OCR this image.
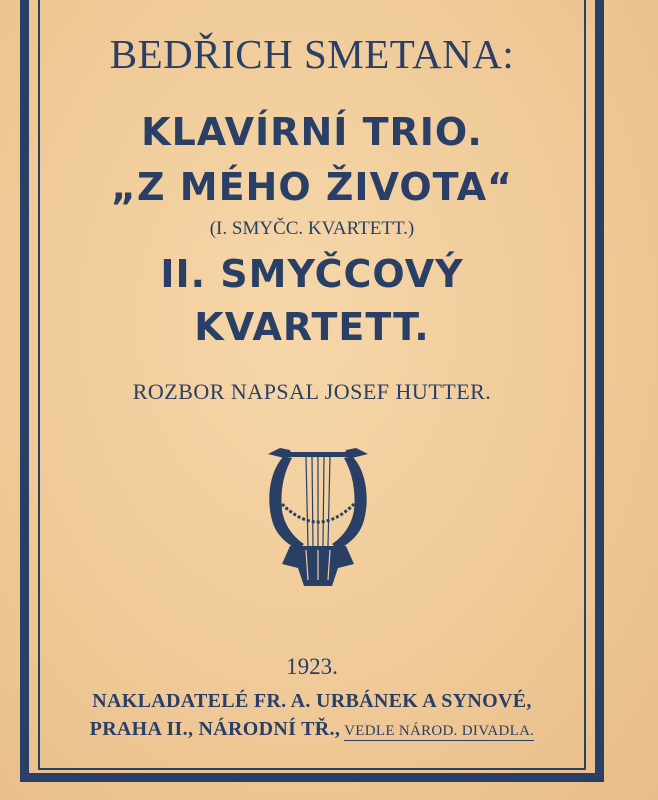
BEDŘICH SMETANA:
KLAVÍRNÍ TRIO.
„Z MÉHO ŽIVOTA“
(I. SMYČC. KVARTETT.)
II. SMYČCOVÝ
KVARTETT.
ROZBOR NAPSAL JOSEF HUTTER.
1923.
NAKLADATELÉ FR. A. URBÁNEK A SYNOVÉ,
PRAHA II., NÁRODNÍ TŘ., VEDLE NÁROD. DIVADLA.
